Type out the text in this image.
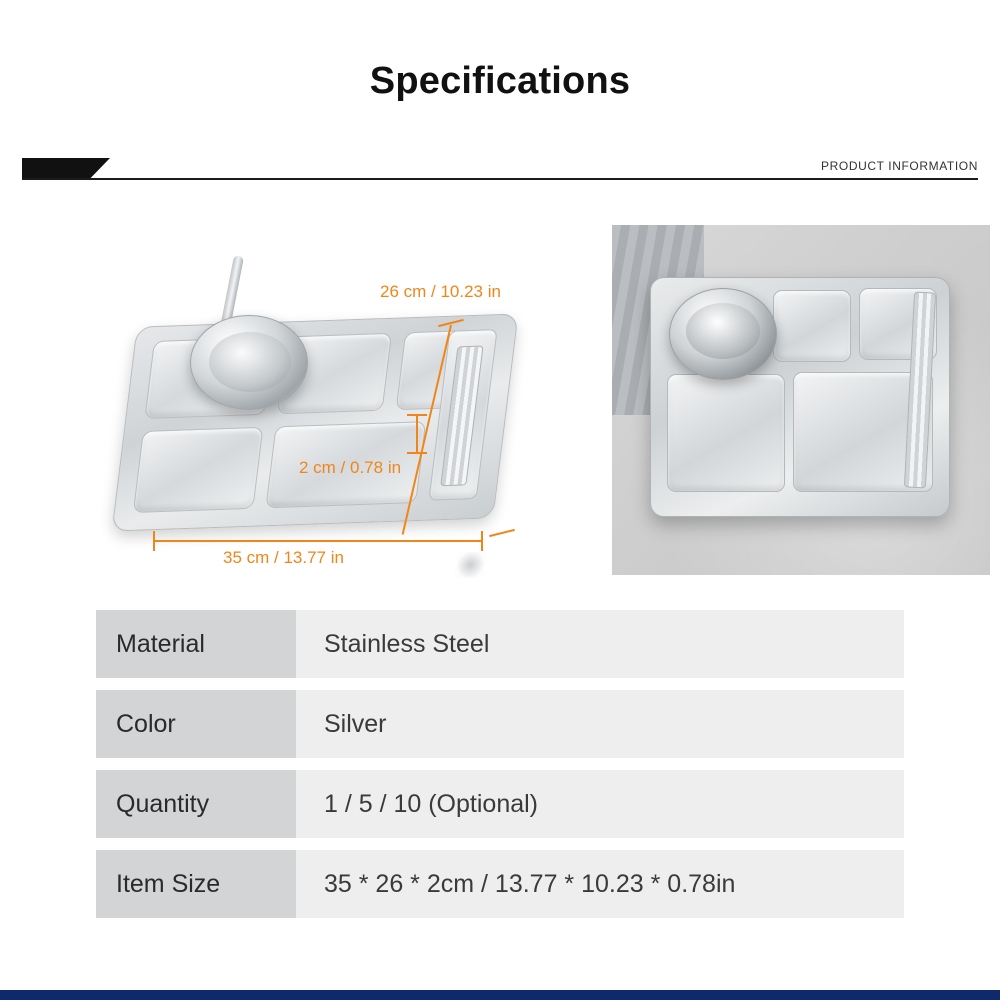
Specifications
PRODUCT INFORMATION
26 cm / 10.23 in
2 cm / 0.78 in
35 cm / 13.77 in
Material	Stainless Steel
Color	Silver
Quantity	1 / 5 / 10 (Optional)
Item Size	35 * 26 * 2cm / 13.77 * 10.23 * 0.78in
